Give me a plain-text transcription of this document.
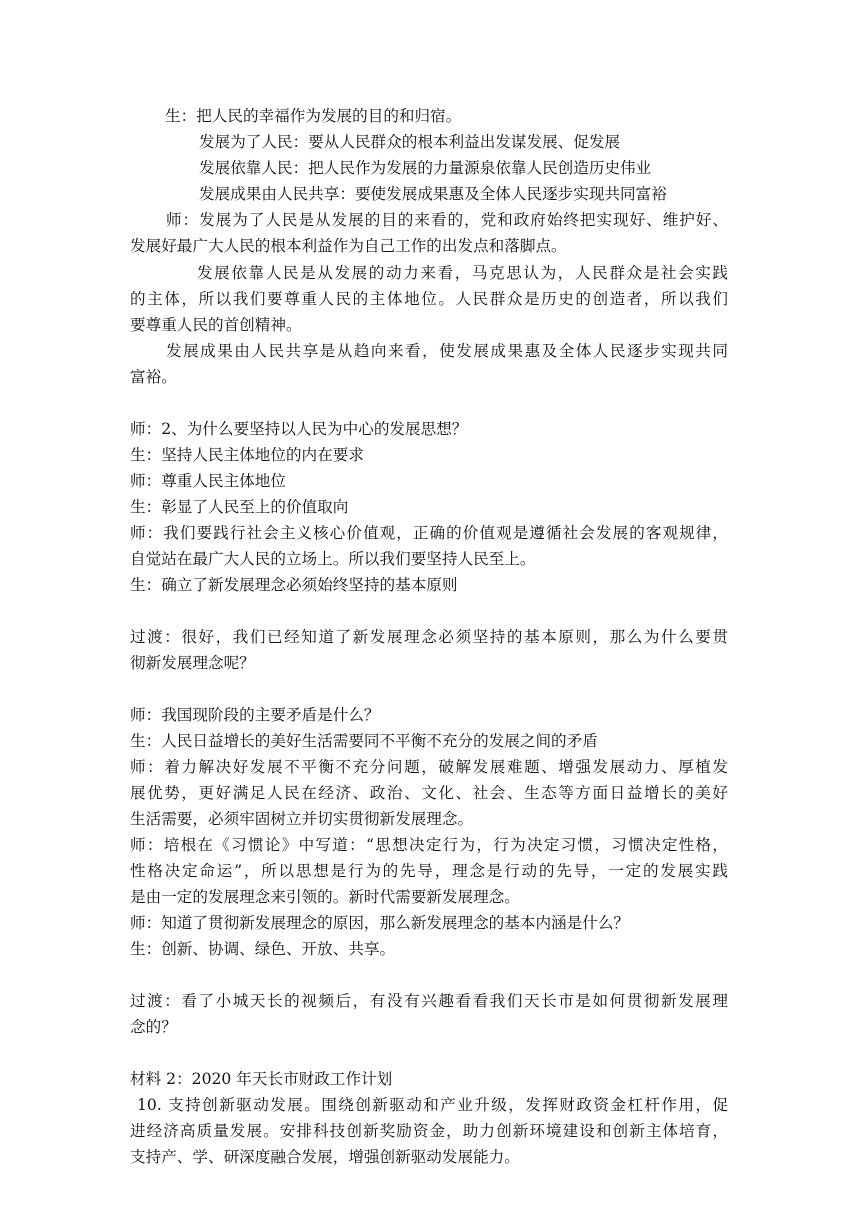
生：把人民的幸福作为发展的目的和归宿。
发展为了人民：要从人民群众的根本利益出发谋发展、促发展
发展依靠人民：把人民作为发展的力量源泉依靠人民创造历史伟业
发展成果由人民共享：要使发展成果惠及全体人民逐步实现共同富裕
师：发展为了人民是从发展的目的来看的，党和政府始终把实现好、维护好、
发展好最广大人民的根本利益作为自己工作的出发点和落脚点。
发展依靠人民是从发展的动力来看，马克思认为，人民群众是社会实践
的主体，所以我们要尊重人民的主体地位。人民群众是历史的创造者，所以我们
要尊重人民的首创精神。
发展成果由人民共享是从趋向来看，使发展成果惠及全体人民逐步实现共同
富裕。
师：2、为什么要坚持以人民为中心的发展思想？
生：坚持人民主体地位的内在要求
师：尊重人民主体地位
生：彰显了人民至上的价值取向
师：我们要践行社会主义核心价值观，正确的价值观是遵循社会发展的客观规律，
自觉站在最广大人民的立场上。所以我们要坚持人民至上。
生：确立了新发展理念必须始终坚持的基本原则
过渡：很好，我们已经知道了新发展理念必须坚持的基本原则，那么为什么要贯
彻新发展理念呢？
师：我国现阶段的主要矛盾是什么？
生：人民日益增长的美好生活需要同不平衡不充分的发展之间的矛盾
师：着力解决好发展不平衡不充分问题，破解发展难题、增强发展动力、厚植发
展优势，更好满足人民在经济、政治、文化、社会、生态等方面日益增长的美好
生活需要，必须牢固树立并切实贯彻新发展理念。
师：培根在《习惯论》中写道：“思想决定行为，行为决定习惯，习惯决定性格，
性格决定命运”，所以思想是行为的先导，理念是行动的先导，一定的发展实践
是由一定的发展理念来引领的。新时代需要新发展理念。
师：知道了贯彻新发展理念的原因，那么新发展理念的基本内涵是什么？
生：创新、协调、绿色、开放、共享。
过渡：看了小城天长的视频后，有没有兴趣看看我们天长市是如何贯彻新发展理
念的？
材料 2：2020 年天长市财政工作计划
10. 支持创新驱动发展。围绕创新驱动和产业升级，发挥财政资金杠杆作用，促
进经济高质量发展。安排科技创新奖励资金，助力创新环境建设和创新主体培育，
支持产、学、研深度融合发展，增强创新驱动发展能力。
